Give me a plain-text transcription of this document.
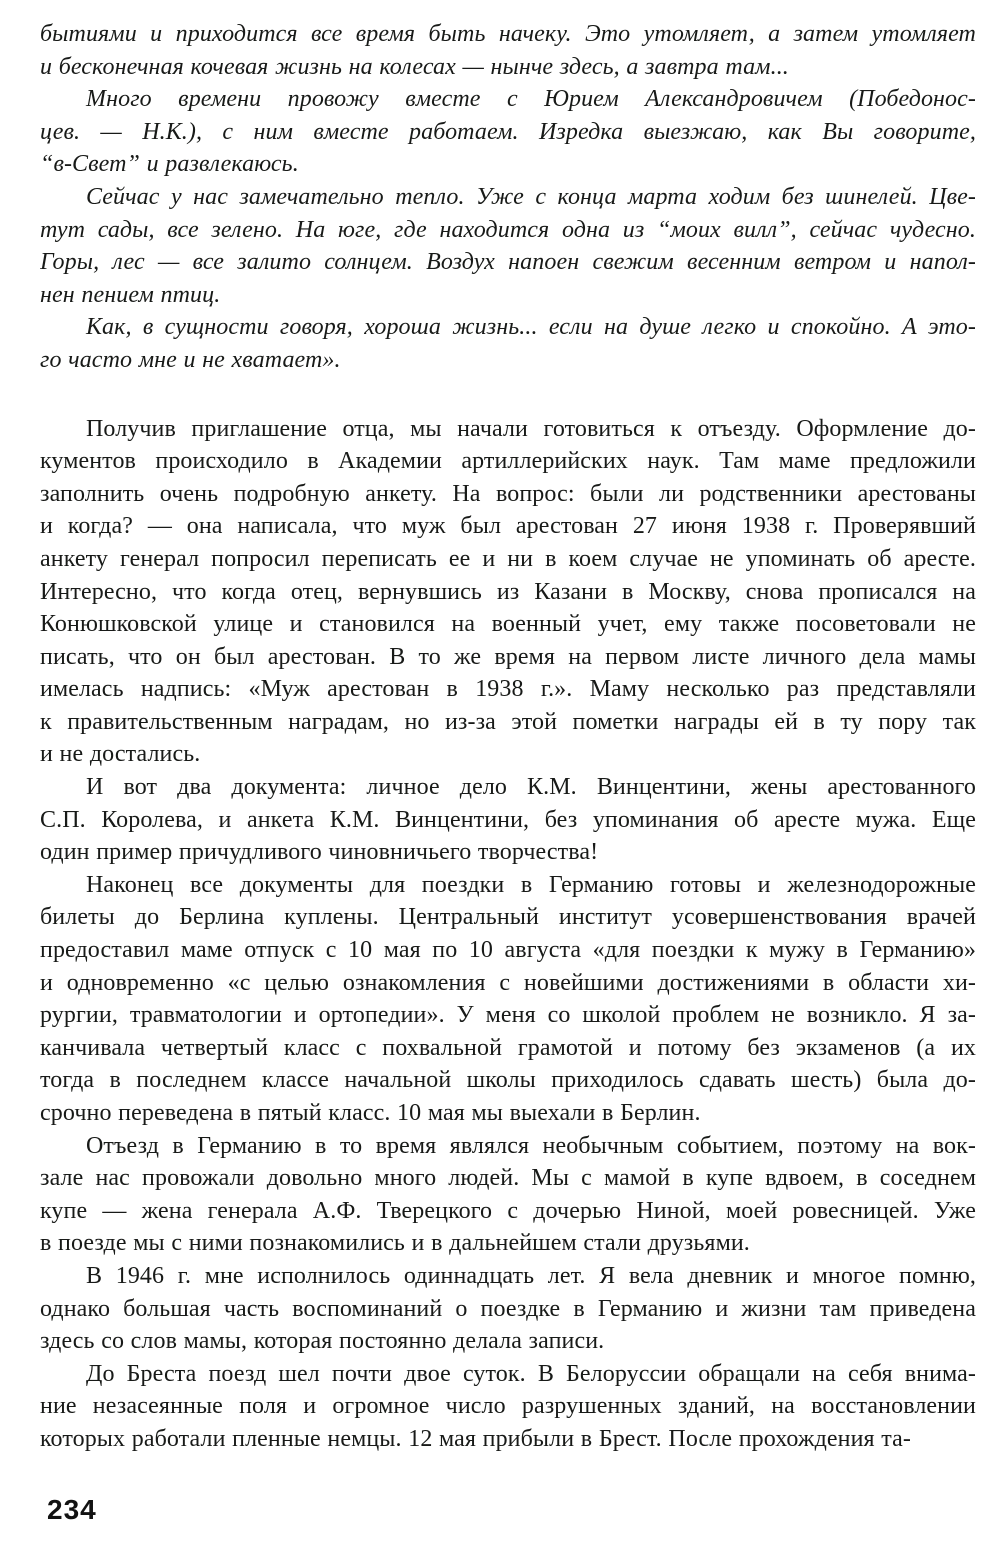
бытиями и приходится все время быть начеку. Это утомляет, а затем утомляет
и бесконечная кочевая жизнь на колесах — нынче здесь, а завтра там...
Много времени провожу вместе с Юрием Александровичем (Победонос-
цев. — Н.К.), с ним вместе работаем. Изредка выезжаю, как Вы говорите,
“в-Свет” и развлекаюсь.
Сейчас у нас замечательно тепло. Уже с конца марта ходим без шинелей. Цве-
тут сады, все зелено. На юге, где находится одна из “моих вилл”, сейчас чудесно.
Горы, лес — все залито солнцем. Воздух напоен свежим весенним ветром и напол-
нен пением птиц.
Как, в сущности говоря, хороша жизнь... если на душе легко и спокойно. А это-
го часто мне и не хватает».
Получив приглашение отца, мы начали готовиться к отъезду. Оформление до-
кументов происходило в Академии артиллерийских наук. Там маме предложили
заполнить очень подробную анкету. На вопрос: были ли родственники арестованы
и когда? — она написала, что муж был арестован 27 июня 1938 г. Проверявший
анкету генерал попросил переписать ее и ни в коем случае не упоминать об аресте.
Интересно, что когда отец, вернувшись из Казани в Москву, снова прописался на
Конюшковской улице и становился на военный учет, ему также посоветовали не
писать, что он был арестован. В то же время на первом листе личного дела мамы
имелась надпись: «Муж арестован в 1938 г.». Маму несколько раз представляли
к правительственным наградам, но из-за этой пометки награды ей в ту пору так
и не достались.
И вот два документа: личное дело К.М. Винцентини, жены арестованного
С.П. Королева, и анкета К.М. Винцентини, без упоминания об аресте мужа. Еще
один пример причудливого чиновничьего творчества!
Наконец все документы для поездки в Германию готовы и железнодорожные
билеты до Берлина куплены. Центральный институт усовершенствования врачей
предоставил маме отпуск с 10 мая по 10 августа «для поездки к мужу в Германию»
и одновременно «с целью ознакомления с новейшими достижениями в области хи-
рургии, травматологии и ортопедии». У меня со школой проблем не возникло. Я за-
канчивала четвертый класс с похвальной грамотой и потому без экзаменов (а их
тогда в последнем классе начальной школы приходилось сдавать шесть) была до-
срочно переведена в пятый класс. 10 мая мы выехали в Берлин.
Отъезд в Германию в то время являлся необычным событием, поэтому на вок-
зале нас провожали довольно много людей. Мы с мамой в купе вдвоем, в соседнем
купе — жена генерала А.Ф. Тверецкого с дочерью Ниной, моей ровесницей. Уже
в поезде мы с ними познакомились и в дальнейшем стали друзьями.
В 1946 г. мне исполнилось одиннадцать лет. Я вела дневник и многое помню,
однако большая часть воспоминаний о поездке в Германию и жизни там приведена
здесь со слов мамы, которая постоянно делала записи.
До Бреста поезд шел почти двое суток. В Белоруссии обращали на себя внима-
ние незасеянные поля и огромное число разрушенных зданий, на восстановлении
которых работали пленные немцы. 12 мая прибыли в Брест. После прохождения та-
234
